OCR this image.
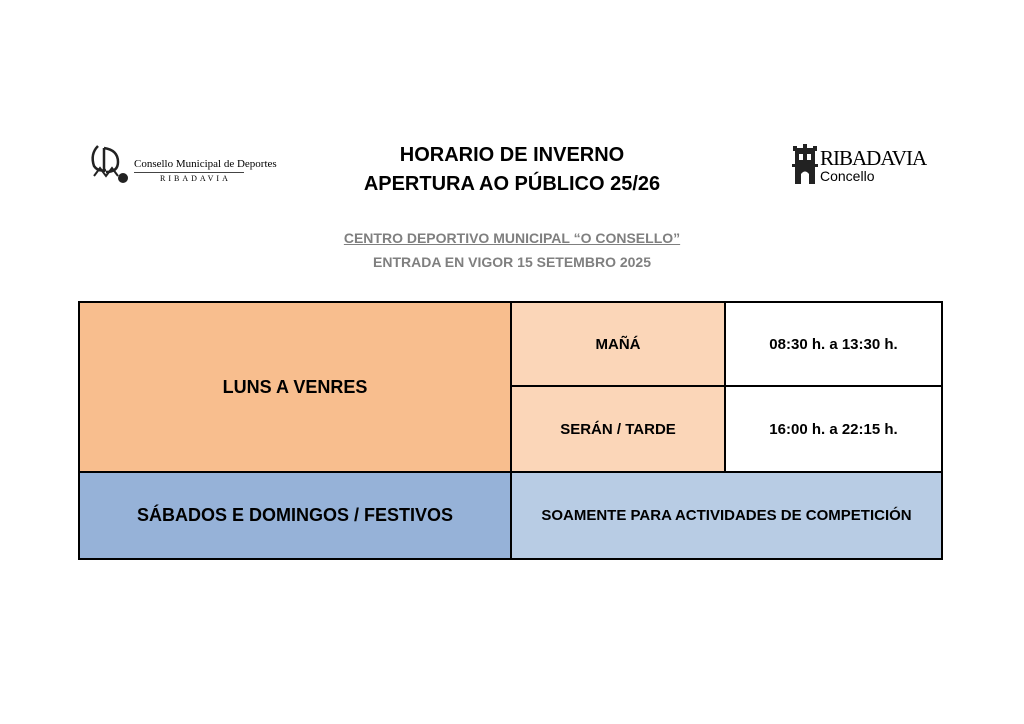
Consello Municipal de Deportes
RIBADAVIA
RIBADAVIA
Concello
HORARIO DE INVERNO
APERTURA AO PÚBLICO 25/26
CENTRO DEPORTIVO MUNICIPAL “O CONSELLO”
ENTRADA EN VIGOR 15 SETEMBRO 2025
LUNS A VENRES	MAÑÁ	08:30 h. a 13:30 h.
	SERÁN / TARDE	16:00 h. a 22:15 h.
SÁBADOS E DOMINGOS / FESTIVOS	SOAMENTE PARA ACTIVIDADES DE COMPETICIÓN	
